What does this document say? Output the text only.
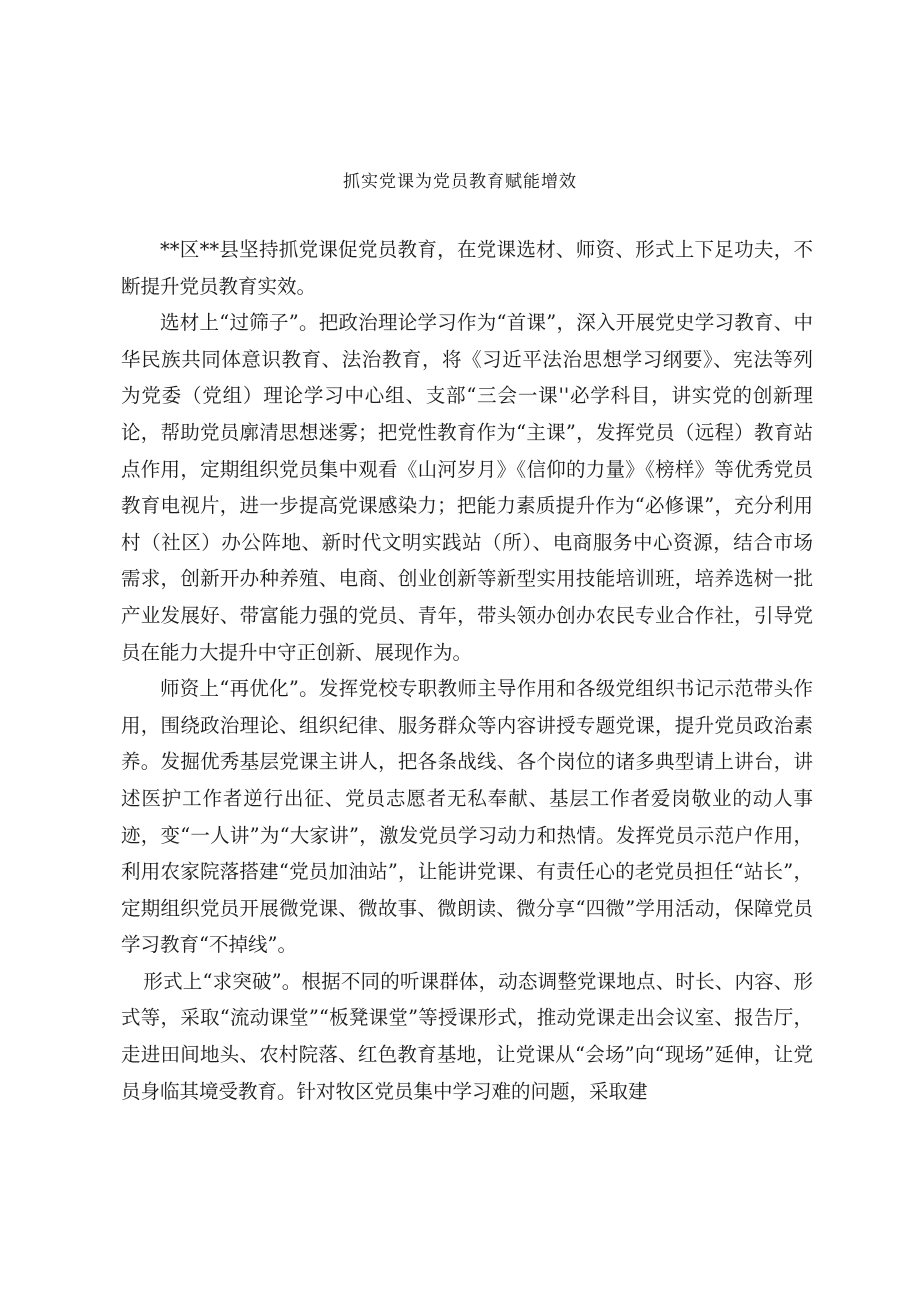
抓实党课为党员教育赋能增效

**区**县坚持抓党课促党员教育，在党课选材、师资、形式上下足功夫，不断提升党员教育实效。

选材上“过筛子”。把政治理论学习作为“首课”，深入开展党史学习教育、中华民族共同体意识教育、法治教育，将《习近平法治思想学习纲要》、宪法等列为党委（党组）理论学习中心组、支部“三会一课''必学科目，讲实党的创新理论，帮助党员廓清思想迷雾；把党性教育作为“主课”，发挥党员（远程）教育站点作用，定期组织党员集中观看《山河岁月》《信仰的力量》《榜样》等优秀党员教育电视片，进一步提高党课感染力；把能力素质提升作为“必修课”，充分利用村（社区）办公阵地、新时代文明实践站（所）、电商服务中心资源，结合市场需求，创新开办种养殖、电商、创业创新等新型实用技能培训班，培养选树一批产业发展好、带富能力强的党员、青年，带头领办创办农民专业合作社，引导党员在能力大提升中守正创新、展现作为。

师资上“再优化”。发挥党校专职教师主导作用和各级党组织书记示范带头作用，围绕政治理论、组织纪律、服务群众等内容讲授专题党课，提升党员政治素养。发掘优秀基层党课主讲人，把各条战线、各个岗位的诸多典型请上讲台，讲述医护工作者逆行出征、党员志愿者无私奉献、基层工作者爱岗敬业的动人事迹，变“一人讲”为“大家讲”，激发党员学习动力和热情。发挥党员示范户作用，利用农家院落搭建“党员加油站”，让能讲党课、有责任心的老党员担任“站长”，定期组织党员开展微党课、微故事、微朗读、微分享“四微”学用活动，保障党员学习教育“不掉线”。

形式上“求突破”。根据不同的听课群体，动态调整党课地点、时长、内容、形式等，采取“流动课堂”“板凳课堂”等授课形式，推动党课走出会议室、报告厅，走进田间地头、农村院落、红色教育基地，让党课从“会场”向“现场”延伸，让党员身临其境受教育。针对牧区党员集中学习难的问题，采取建
